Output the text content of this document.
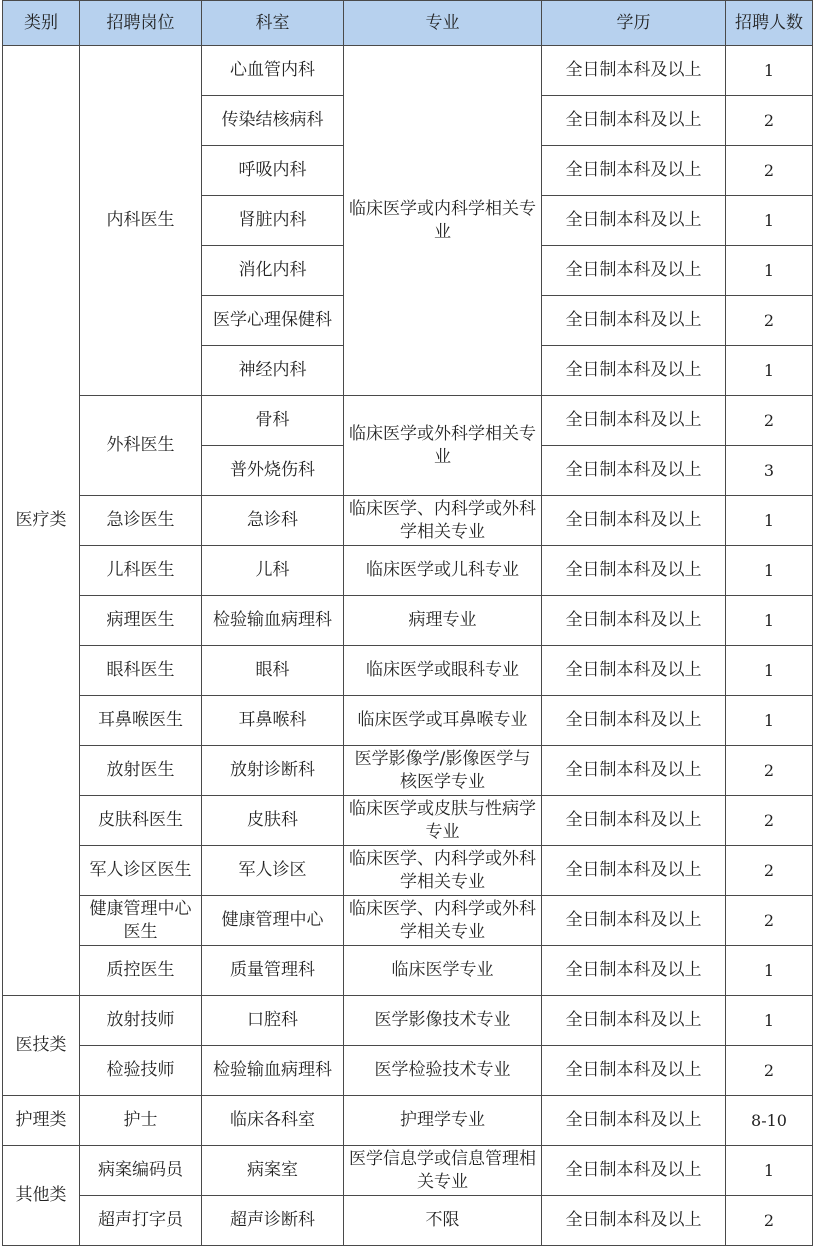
类别	招聘岗位	科室	专业	学历	招聘人数
医疗类	内科医生	心血管内科	临床医学或内科学相关专业	全日制本科及以上	1
		传染结核病科		全日制本科及以上	2
		呼吸内科		全日制本科及以上	2
		肾脏内科		全日制本科及以上	1
		消化内科		全日制本科及以上	1
		医学心理保健科		全日制本科及以上	2
		神经内科		全日制本科及以上	1
	外科医生	骨科	临床医学或外科学相关专业	全日制本科及以上	2
		普外烧伤科		全日制本科及以上	3
	急诊医生	急诊科	临床医学、内科学或外科学相关专业	全日制本科及以上	1
	儿科医生	儿科	临床医学或儿科专业	全日制本科及以上	1
	病理医生	检验输血病理科	病理专业	全日制本科及以上	1
	眼科医生	眼科	临床医学或眼科专业	全日制本科及以上	1
	耳鼻喉医生	耳鼻喉科	临床医学或耳鼻喉专业	全日制本科及以上	1
	放射医生	放射诊断科	医学影像学/影像医学与核医学专业	全日制本科及以上	2
	皮肤科医生	皮肤科	临床医学或皮肤与性病学专业	全日制本科及以上	2
	军人诊区医生	军人诊区	临床医学、内科学或外科学相关专业	全日制本科及以上	2
	健康管理中心医生	健康管理中心	临床医学、内科学或外科学相关专业	全日制本科及以上	2
	质控医生	质量管理科	临床医学专业	全日制本科及以上	1
医技类	放射技师	口腔科	医学影像技术专业	全日制本科及以上	1
	检验技师	检验输血病理科	医学检验技术专业	全日制本科及以上	2
护理类	护士	临床各科室	护理学专业	全日制本科及以上	8-10
其他类	病案编码员	病案室	医学信息学或信息管理相关专业	全日制本科及以上	1
	超声打字员	超声诊断科	不限	全日制本科及以上	2
